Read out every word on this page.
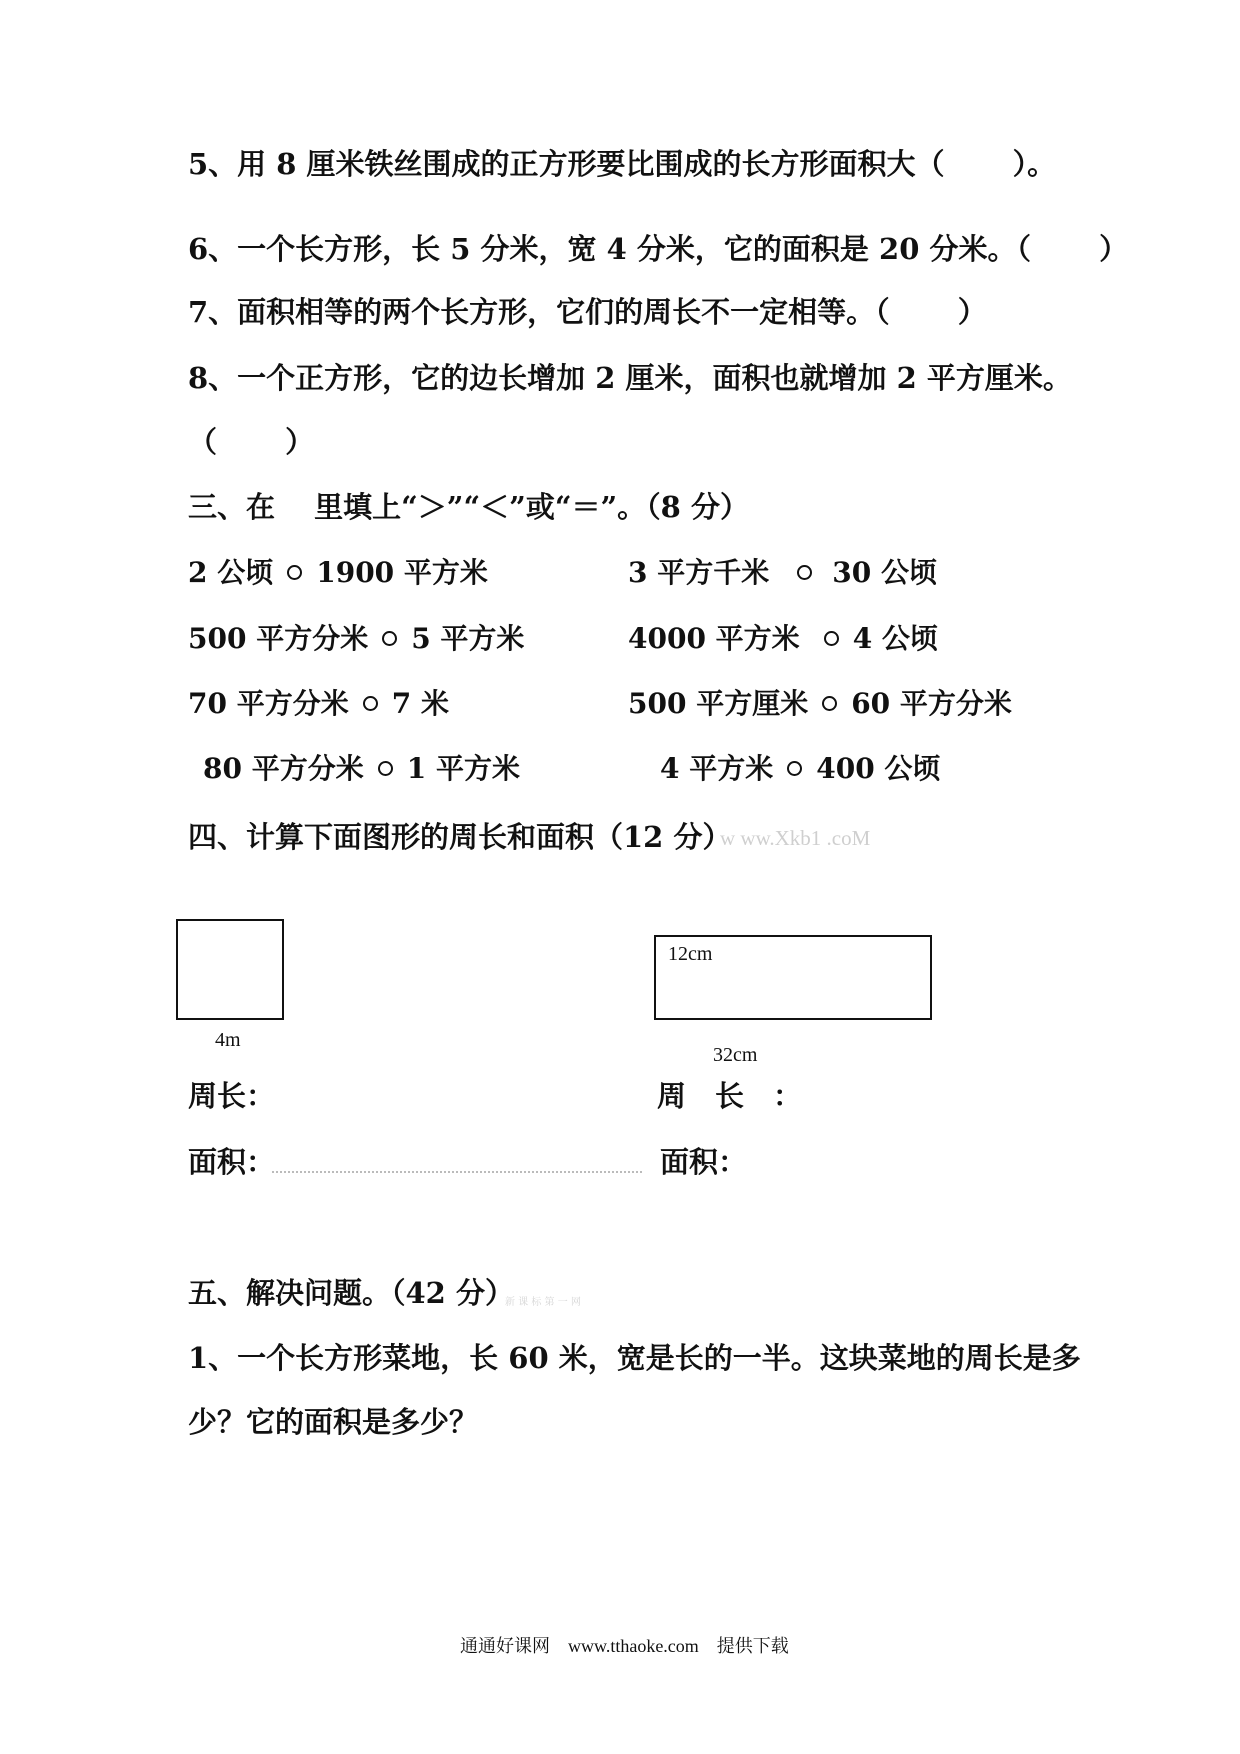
5、用 8 厘米铁丝围成的正方形要比围成的长方形面积大（　　 ）。
6、一个长方形，长 5 分米，宽 4 分米，它的面积是 20 分米。（　　 ）
7、面积相等的两个长方形，它们的周长不一定相等。（　　 ）
8、一个正方形，它的边长增加 2 厘米，面积也就增加 2 平方厘米。
（　　 ）
三、在　 里填上“＞”“＜”或“＝”。（8 分）
2 公顷 1900 平方米	3 平方千米 30 公顷
500 平方分米 5 平方米	4000 平方米 4 公顷
70 平方分米 7 米	500 平方厘米 60 平方分米
80 平方分米 1 平方米	4 平方米 400 公顷
四、计算下面图形的周长和面积（12 分）
w ww.Xkb1 .coM
4m
12cm
32cm
周长：	周　长　：
面积：	面积：
五、解决问题。（42 分）
新 课 标 第 一 网
1、一个长方形菜地，长 60 米，宽是长的一半。这块菜地的周长是多
少？它的面积是多少？
通通好课网　www.tthaoke.com　提供下载
